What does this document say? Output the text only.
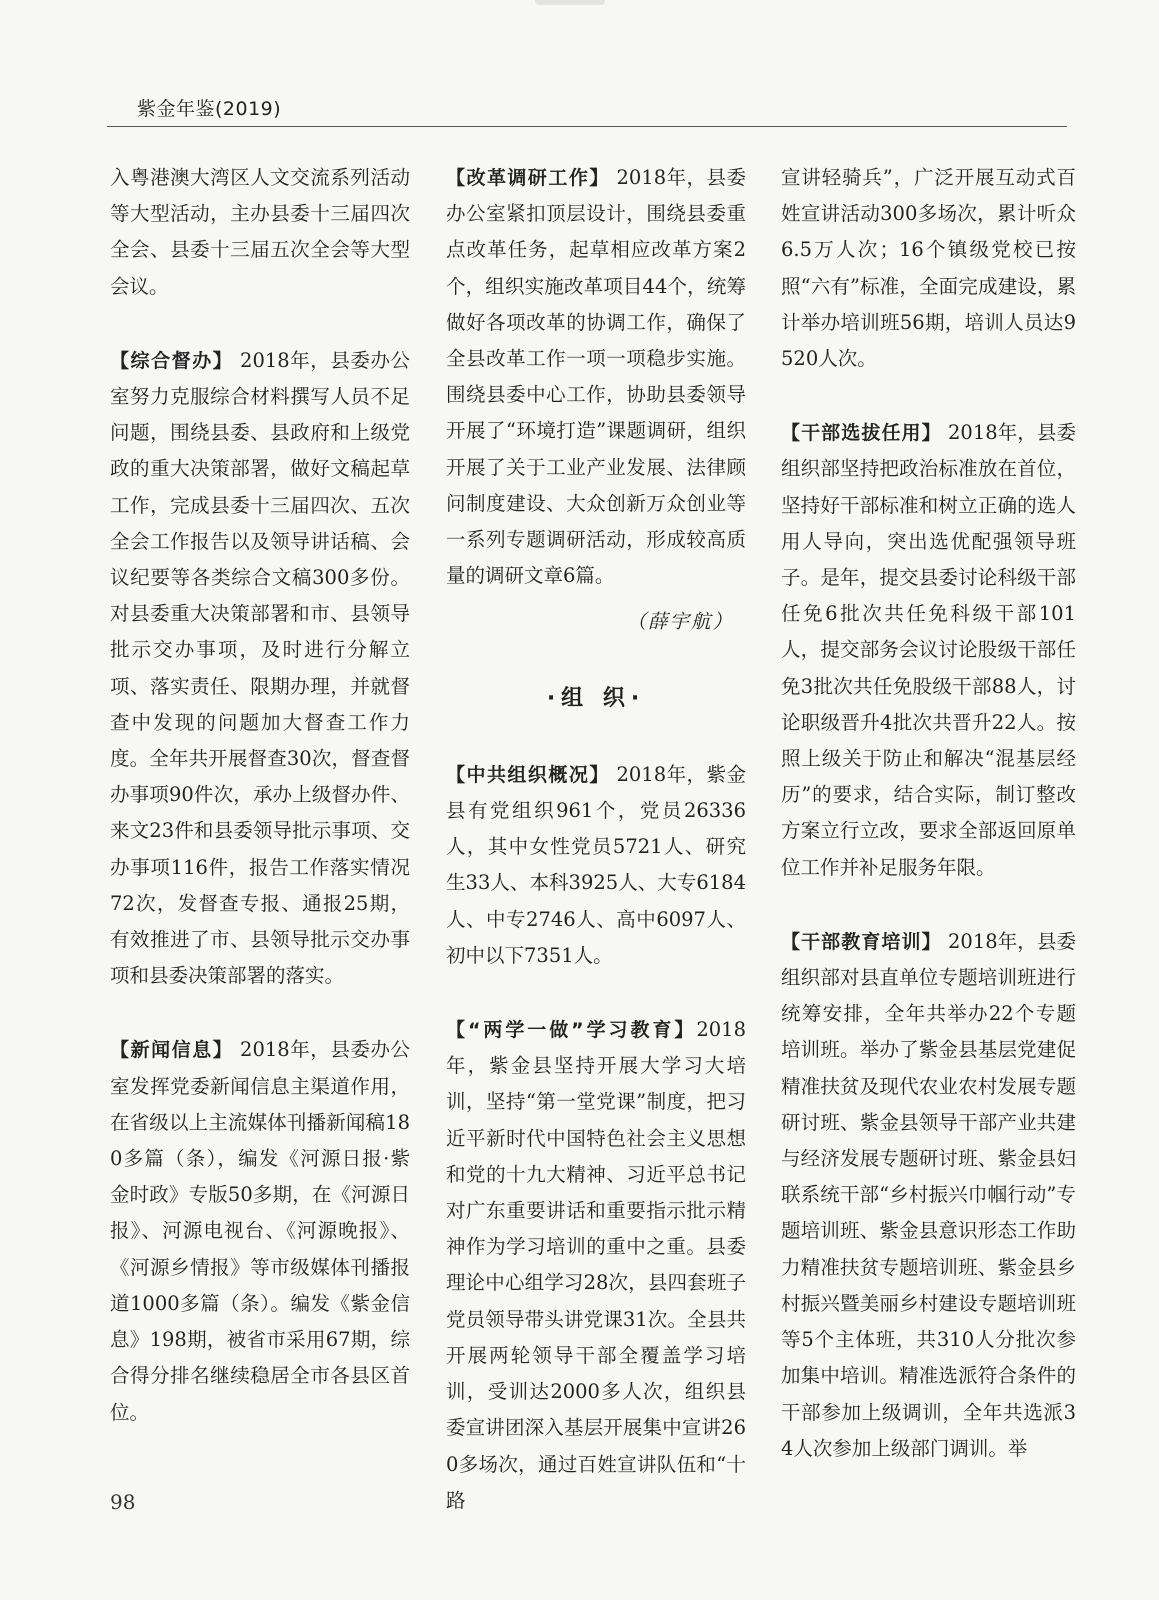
紫金年鉴(2019)

入粤港澳大湾区人文交流系列活动等大型活动，主办县委十三届四次全会、县委十三届五次全会等大型会议。

【综合督办】 2018年，县委办公室努力克服综合材料撰写人员不足问题，围绕县委、县政府和上级党政的重大决策部署，做好文稿起草工作，完成县委十三届四次、五次全会工作报告以及领导讲话稿、会议纪要等各类综合文稿300多份。对县委重大决策部署和市、县领导批示交办事项，及时进行分解立项、落实责任、限期办理，并就督查中发现的问题加大督查工作力度。全年共开展督查30次，督查督办事项90件次，承办上级督办件、来文23件和县委领导批示事项、交办事项116件，报告工作落实情况72次，发督查专报、通报25期，有效推进了市、县领导批示交办事项和县委决策部署的落实。

【新闻信息】 2018年，县委办公室发挥党委新闻信息主渠道作用，在省级以上主流媒体刊播新闻稿180多篇（条），编发《河源日报·紫金时政》专版50多期，在《河源日报》、河源电视台、《河源晚报》、《河源乡情报》等市级媒体刊播报道1000多篇（条）。编发《紫金信息》198期，被省市采用67期，综合得分排名继续稳居全市各县区首位。

【改革调研工作】 2018年，县委办公室紧扣顶层设计，围绕县委重点改革任务，起草相应改革方案2个，组织实施改革项目44个，统筹做好各项改革的协调工作，确保了全县改革工作一项一项稳步实施。围绕县委中心工作，协助县委领导开展了“环境打造”课题调研，组织开展了关于工业产业发展、法律顾问制度建设、大众创新万众创业等一系列专题调研活动，形成较高质量的调研文章6篇。

（薛宇航）

·组 织·

【中共组织概况】 2018年，紫金县有党组织961个，党员26336人，其中女性党员5721人、研究生33人、本科3925人、大专6184人、中专2746人、高中6097人、初中以下7351人。

【“两学一做”学习教育】2018年，紫金县坚持开展大学习大培训，坚持“第一堂党课”制度，把习近平新时代中国特色社会主义思想和党的十九大精神、习近平总书记对广东重要讲话和重要指示批示精神作为学习培训的重中之重。县委理论中心组学习28次，县四套班子党员领导带头讲党课31次。全县共开展两轮领导干部全覆盖学习培训，受训达2000多人次，组织县委宣讲团深入基层开展集中宣讲260多场次，通过百姓宣讲队伍和“十路

宣讲轻骑兵”，广泛开展互动式百姓宣讲活动300多场次，累计听众6.5万人次；16个镇级党校已按照“六有”标准，全面完成建设，累计举办培训班56期，培训人员达9520人次。

【干部选拔任用】 2018年，县委组织部坚持把政治标准放在首位，坚持好干部标准和树立正确的选人用人导向，突出选优配强领导班子。是年，提交县委讨论科级干部任免6批次共任免科级干部101人，提交部务会议讨论股级干部任免3批次共任免股级干部88人，讨论职级晋升4批次共晋升22人。按照上级关于防止和解决“混基层经历”的要求，结合实际，制订整改方案立行立改，要求全部返回原单位工作并补足服务年限。

【干部教育培训】 2018年，县委组织部对县直单位专题培训班进行统筹安排，全年共举办22个专题培训班。举办了紫金县基层党建促精准扶贫及现代农业农村发展专题研讨班、紫金县领导干部产业共建与经济发展专题研讨班、紫金县妇联系统干部“乡村振兴巾帼行动”专题培训班、紫金县意识形态工作助力精准扶贫专题培训班、紫金县乡村振兴暨美丽乡村建设专题培训班等5个主体班，共310人分批次参加集中培训。精准选派符合条件的干部参加上级调训，全年共选派34人次参加上级部门调训。举

98
